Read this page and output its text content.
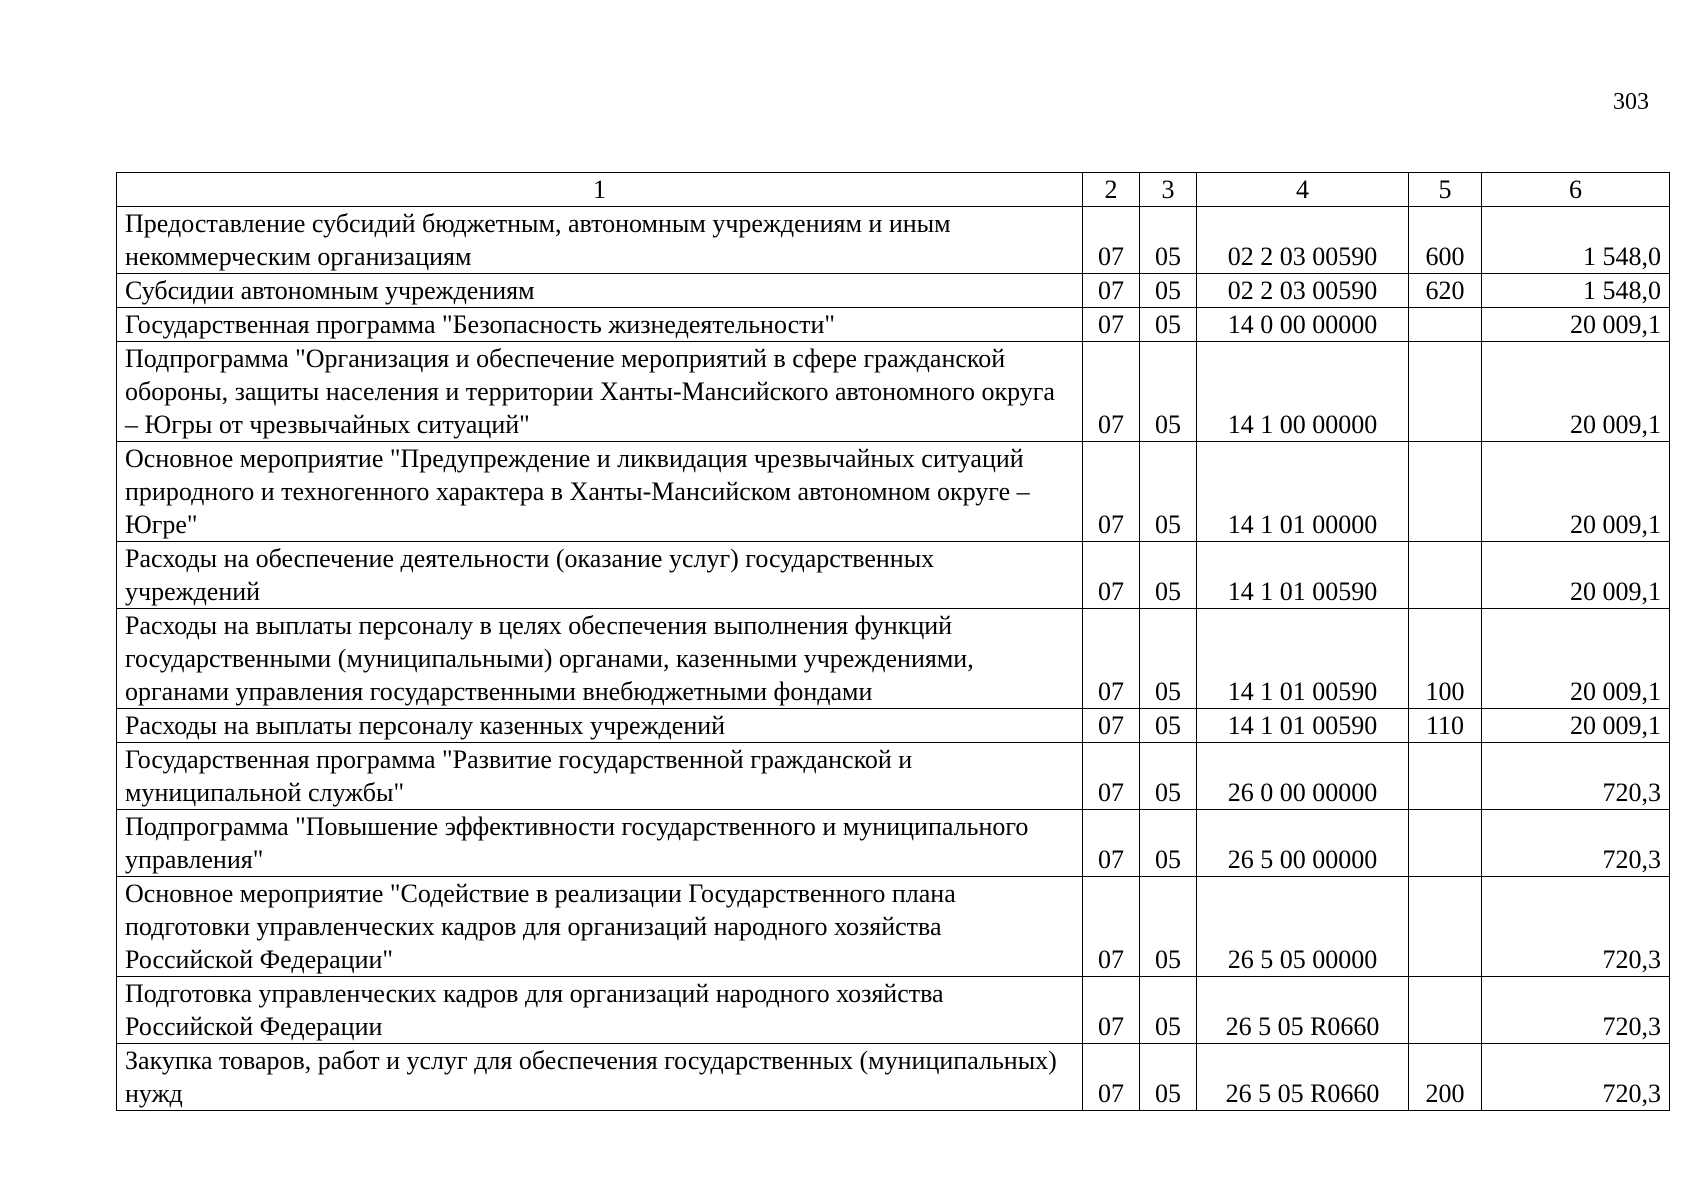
303
1	2	3	4	5	6
Предоставление субсидий бюджетным, автономным учреждениям и иным некоммерческим организациям	07	05	02 2 03 00590	600	1 548,0
Субсидии автономным учреждениям	07	05	02 2 03 00590	620	1 548,0
Государственная программа "Безопасность жизнедеятельности"	07	05	14 0 00 00000		20 009,1
Подпрограмма "Организация и обеспечение мероприятий в сфере гражданской обороны, защиты населения и территории Ханты-Мансийского автономного округа – Югры от чрезвычайных ситуаций"	07	05	14 1 00 00000		20 009,1
Основное мероприятие "Предупреждение и ликвидация чрезвычайных ситуаций природного и техногенного характера в Ханты-Мансийском автономном округе – Югре"	07	05	14 1 01 00000		20 009,1
Расходы на обеспечение деятельности (оказание услуг) государственных учреждений	07	05	14 1 01 00590		20 009,1
Расходы на выплаты персоналу в целях обеспечения выполнения функций государственными (муниципальными) органами, казенными учреждениями, органами управления государственными внебюджетными фондами	07	05	14 1 01 00590	100	20 009,1
Расходы на выплаты персоналу казенных учреждений	07	05	14 1 01 00590	110	20 009,1
Государственная программа "Развитие государственной гражданской и муниципальной службы"	07	05	26 0 00 00000		720,3
Подпрограмма "Повышение эффективности государственного и муниципального управления"	07	05	26 5 00 00000		720,3
Основное мероприятие "Содействие в реализации Государственного плана подготовки управленческих кадров для организаций народного хозяйства Российской Федерации"	07	05	26 5 05 00000		720,3
Подготовка управленческих кадров для организаций народного хозяйства Российской Федерации	07	05	26 5 05 R0660		720,3
Закупка товаров, работ и услуг для обеспечения государственных (муниципальных) нужд	07	05	26 5 05 R0660	200	720,3
